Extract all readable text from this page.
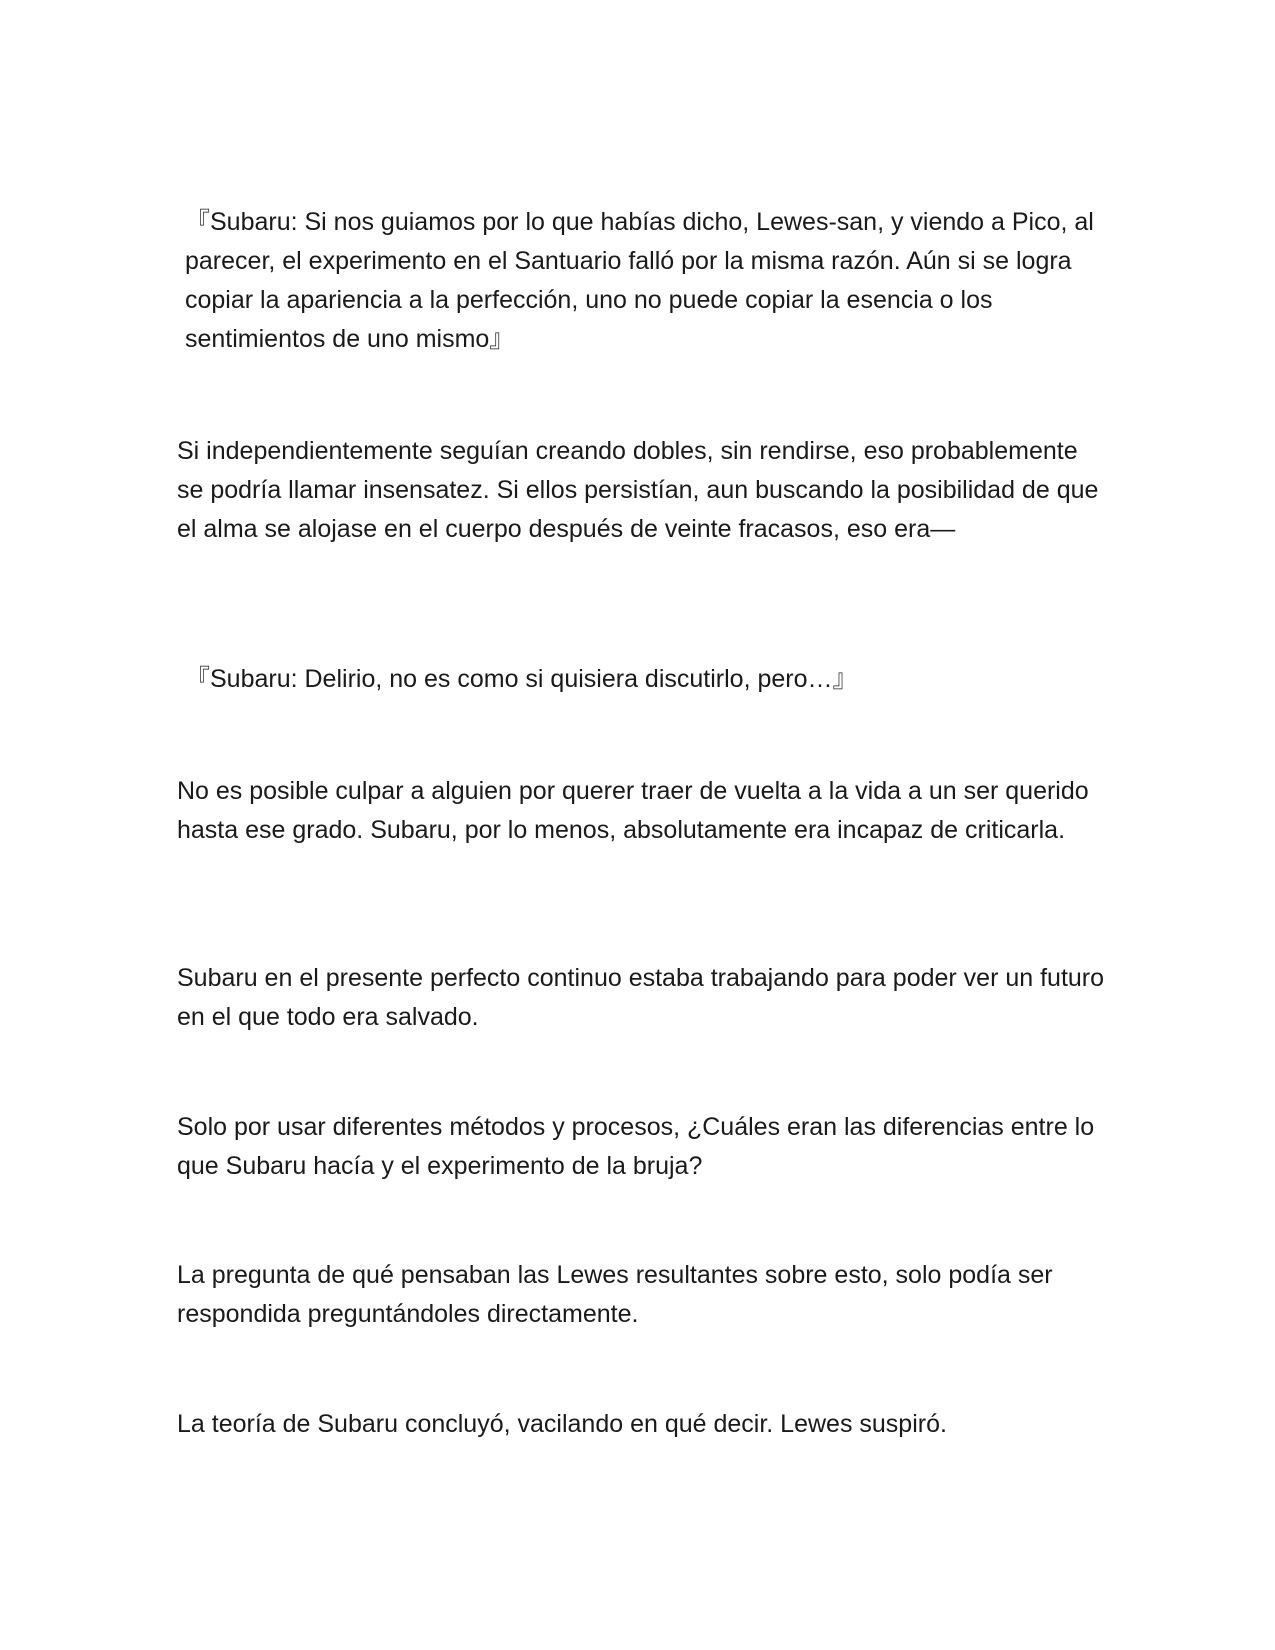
『Subaru: Si nos guiamos por lo que habías dicho, Lewes-san, y viendo a Pico, al parecer, el experimento en el Santuario falló por la misma razón. Aún si se logra copiar la apariencia a la perfección, uno no puede copiar la esencia o los sentimientos de uno mismo』

Si independientemente seguían creando dobles, sin rendirse, eso probablemente se podría llamar insensatez. Si ellos persistían, aun buscando la posibilidad de que el alma se alojase en el cuerpo después de veinte fracasos, eso era—

『Subaru: Delirio, no es como si quisiera discutirlo, pero…』

No es posible culpar a alguien por querer traer de vuelta a la vida a un ser querido hasta ese grado. Subaru, por lo menos, absolutamente era incapaz de criticarla.

Subaru en el presente perfecto continuo estaba trabajando para poder ver un futuro en el que todo era salvado.

Solo por usar diferentes métodos y procesos, ¿Cuáles eran las diferencias entre lo que Subaru hacía y el experimento de la bruja?

La pregunta de qué pensaban las Lewes resultantes sobre esto, solo podía ser respondida preguntándoles directamente.

La teoría de Subaru concluyó, vacilando en qué decir. Lewes suspiró.
